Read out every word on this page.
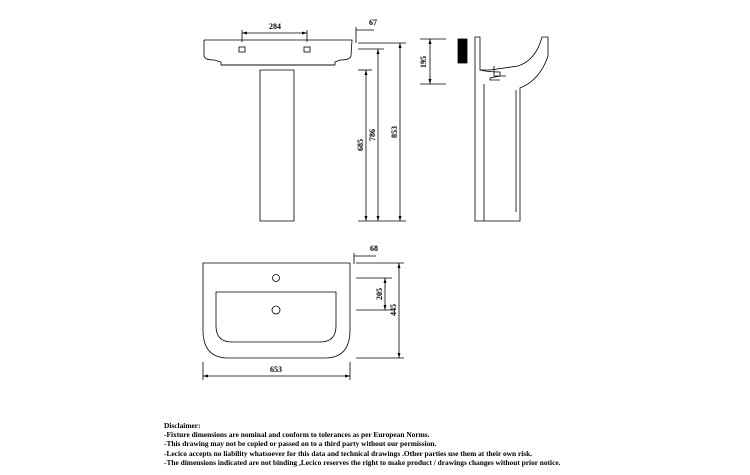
284	67
195
685
786 853
68
205
445
653
Disclaimer:
-Fixture dimensions are nominal and conform to tolerances as per European Norms.
-This drawing may not be copied or passed on to a third party without our permission.
-Lecico accepts no liability whatsoever for this data and technical drawings .Other parties use them at their own risk.
-The dimensions indicated are not binding ,Lecico reserves the right to make product / drawings changes without prior notice.
